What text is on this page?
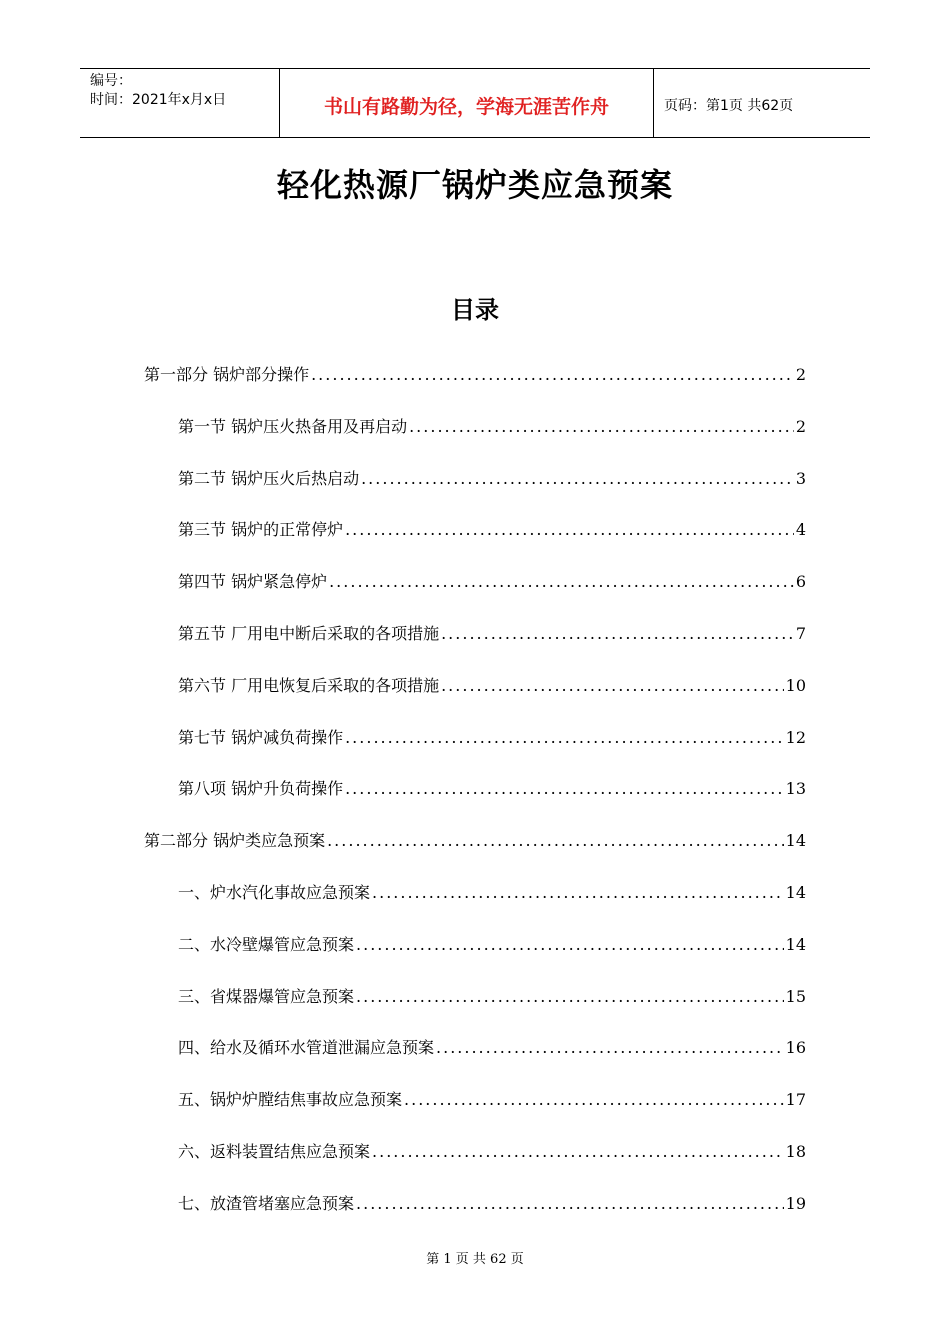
编号：
时间：2021年x月x日	书山有路勤为径，学海无涯苦作舟	页码：第1页 共62页
轻化热源厂锅炉类应急预案
目录
第一部分 锅炉部分操作 .....	2
第一节 锅炉压火热备用及再启动 .....	2
第二节 锅炉压火后热启动 .....	3
第三节 锅炉的正常停炉 .....	4
第四节 锅炉紧急停炉 .....	6
第五节 厂用电中断后采取的各项措施 .....	7
第六节 厂用电恢复后采取的各项措施 .....	10
第七节 锅炉减负荷操作 .....	12
第八项 锅炉升负荷操作 .....	13
第二部分 锅炉类应急预案 .....	14
一、炉水汽化事故应急预案 .....	14
二、水冷壁爆管应急预案 .....	14
三、省煤器爆管应急预案 .....	15
四、给水及循环水管道泄漏应急预案 .....	16
五、锅炉炉膛结焦事故应急预案 .....	17
六、返料装置结焦应急预案 .....	18
七、放渣管堵塞应急预案 .....	19
第 1 页 共 62 页
